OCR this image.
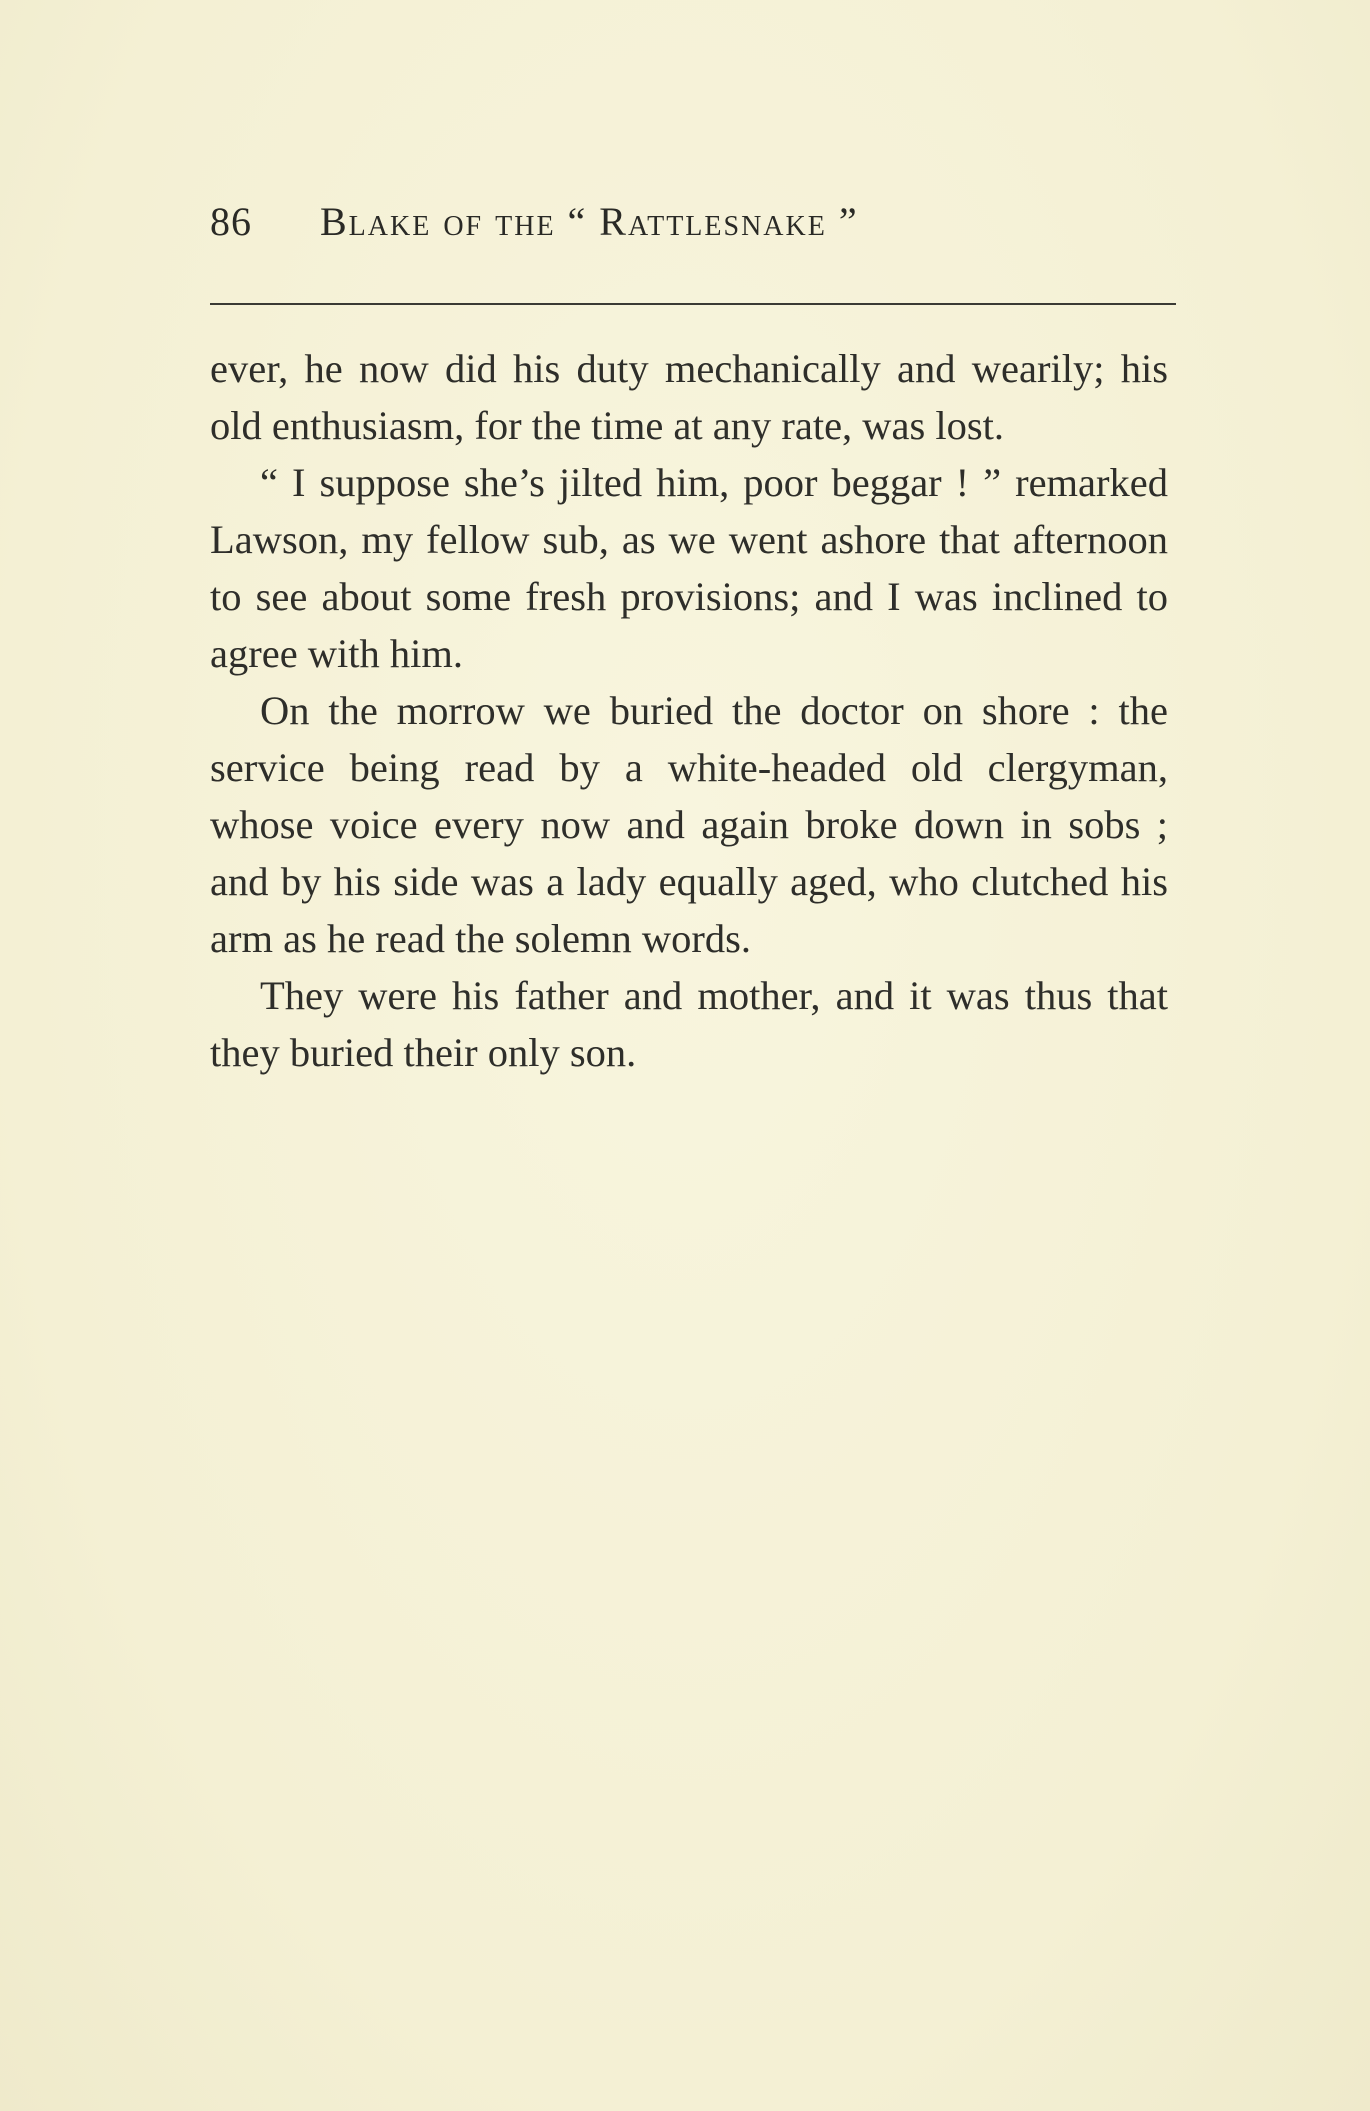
86 Blake of the “ Rattlesnake ”

ever, he now did his duty mechanically and wearily; his old enthusiasm, for the time at any rate, was lost.

“ I suppose she’s jilted him, poor beggar ! ” remarked Lawson, my fellow sub, as we went ashore that afternoon to see about some fresh provisions; and I was inclined to agree with him.

On the morrow we buried the doctor on shore : the service being read by a white-headed old clergyman, whose voice every now and again broke down in sobs ; and by his side was a lady equally aged, who clutched his arm as he read the solemn words.

They were his father and mother, and it was thus that they buried their only son.
